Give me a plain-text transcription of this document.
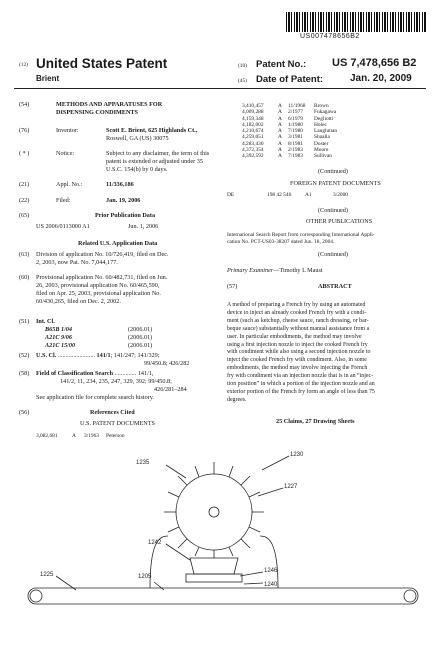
US007478656B2
(12) United States Patent
Brient
(10) Patent No.: US 7,478,656 B2
(45) Date of Patent:	Jan. 20, 2009
(54)	METHODS AND APPARATUSES FOR
DISPENSING CONDIMENTS
(76)	Inventor:	Scott E. Brient, 625 Highlands Ct.,
Roswell, GA (US) 30075
( * )	Notice:	Subject to any disclaimer, the term of this
patent is extended or adjusted under 35
U.S.C. 154(b) by 0 days.
(21)	Appl. No.:	11/336,186
(22)	Filed:	Jan. 19, 2006
(65)	Prior Publication Data
US 2006/0113000 A1	Jun. 1, 2006
Related U.S. Application Data
(63) Division of application No. 10/726,419, filed on Dec.
2, 2003, now Pat. No. 7,044,177.
(60) Provisional application No. 60/482,731, filed on Jun.
26, 2003, provisional application No. 60/465,590,
filed on Apr. 25, 2003, provisional application No.
60/430,265, filed on Dec. 2, 2002.
(51) Int. Cl.
B65B 1/04	(2006.01)
A21C 9/06	(2006.01)
A21C 15/00	(2006.01)
(52) U.S. Cl. ........................ 141/1; 141/247; 141/329;
99/450.8; 426/282
(58) Field of Classification Search .............. 141/1,
141/2, 11, 234, 235, 247, 329, 392; 99/450.8;
426/281–284
See application file for complete search history.
(56)	References Cited
U.S. PATENT DOCUMENTS
3,082,681	A 3/1963 Peterson
3,410,457	A 11/1968 Brown
4,009,288	A 2/1977 Fukagawa
4,159,348	A 6/1979 Degliotti
4,182,002	A 1/1980 Holec
4,210,674	A 7/1980 Laughman
4,259,051	A 3/1981 Shaalla
4,283,430	A 8/1981 Doster
4,372,354	A 2/1983 Moore
4,392,592	A 7/1983 Sullivan
(Continued)
FOREIGN PATENT DOCUMENTS
DE	198 42 546	A1	3/2000
(Continued)
OTHER PUBLICATIONS
International Search Report from corresponding International Appli-
cation No. PCT-US03-38207 dated Jun. 18, 2004.
(Continued)
Primary Examiner—Timothy L Maust
(57)	ABSTRACT
A method of preparing a French fry by using an automated
device to inject an already cooked French fry with a condi-
ment (such as ketchup, cheese sauce, ranch dressing, or bar-
beque sauce) substantially without manual assistance from a
user. In particular embodiments, the method may involve
using a first injection nozzle to inject the cooked French fry
with condiment while also using a second injection nozzle to
inject the cooked French fry with condiment. Also, in some
embodiments, the method may involve injecting the French
fry with condiment via an injection nozzle that is in an “injec-
tion position” in which a portion of the injection nozzle and an
exterior portion of the French fry form an angle of less than 75
degrees.
25 Claims, 27 Drawing Sheets
1230
1235
1227
1242
1246
1240
1225	1205
